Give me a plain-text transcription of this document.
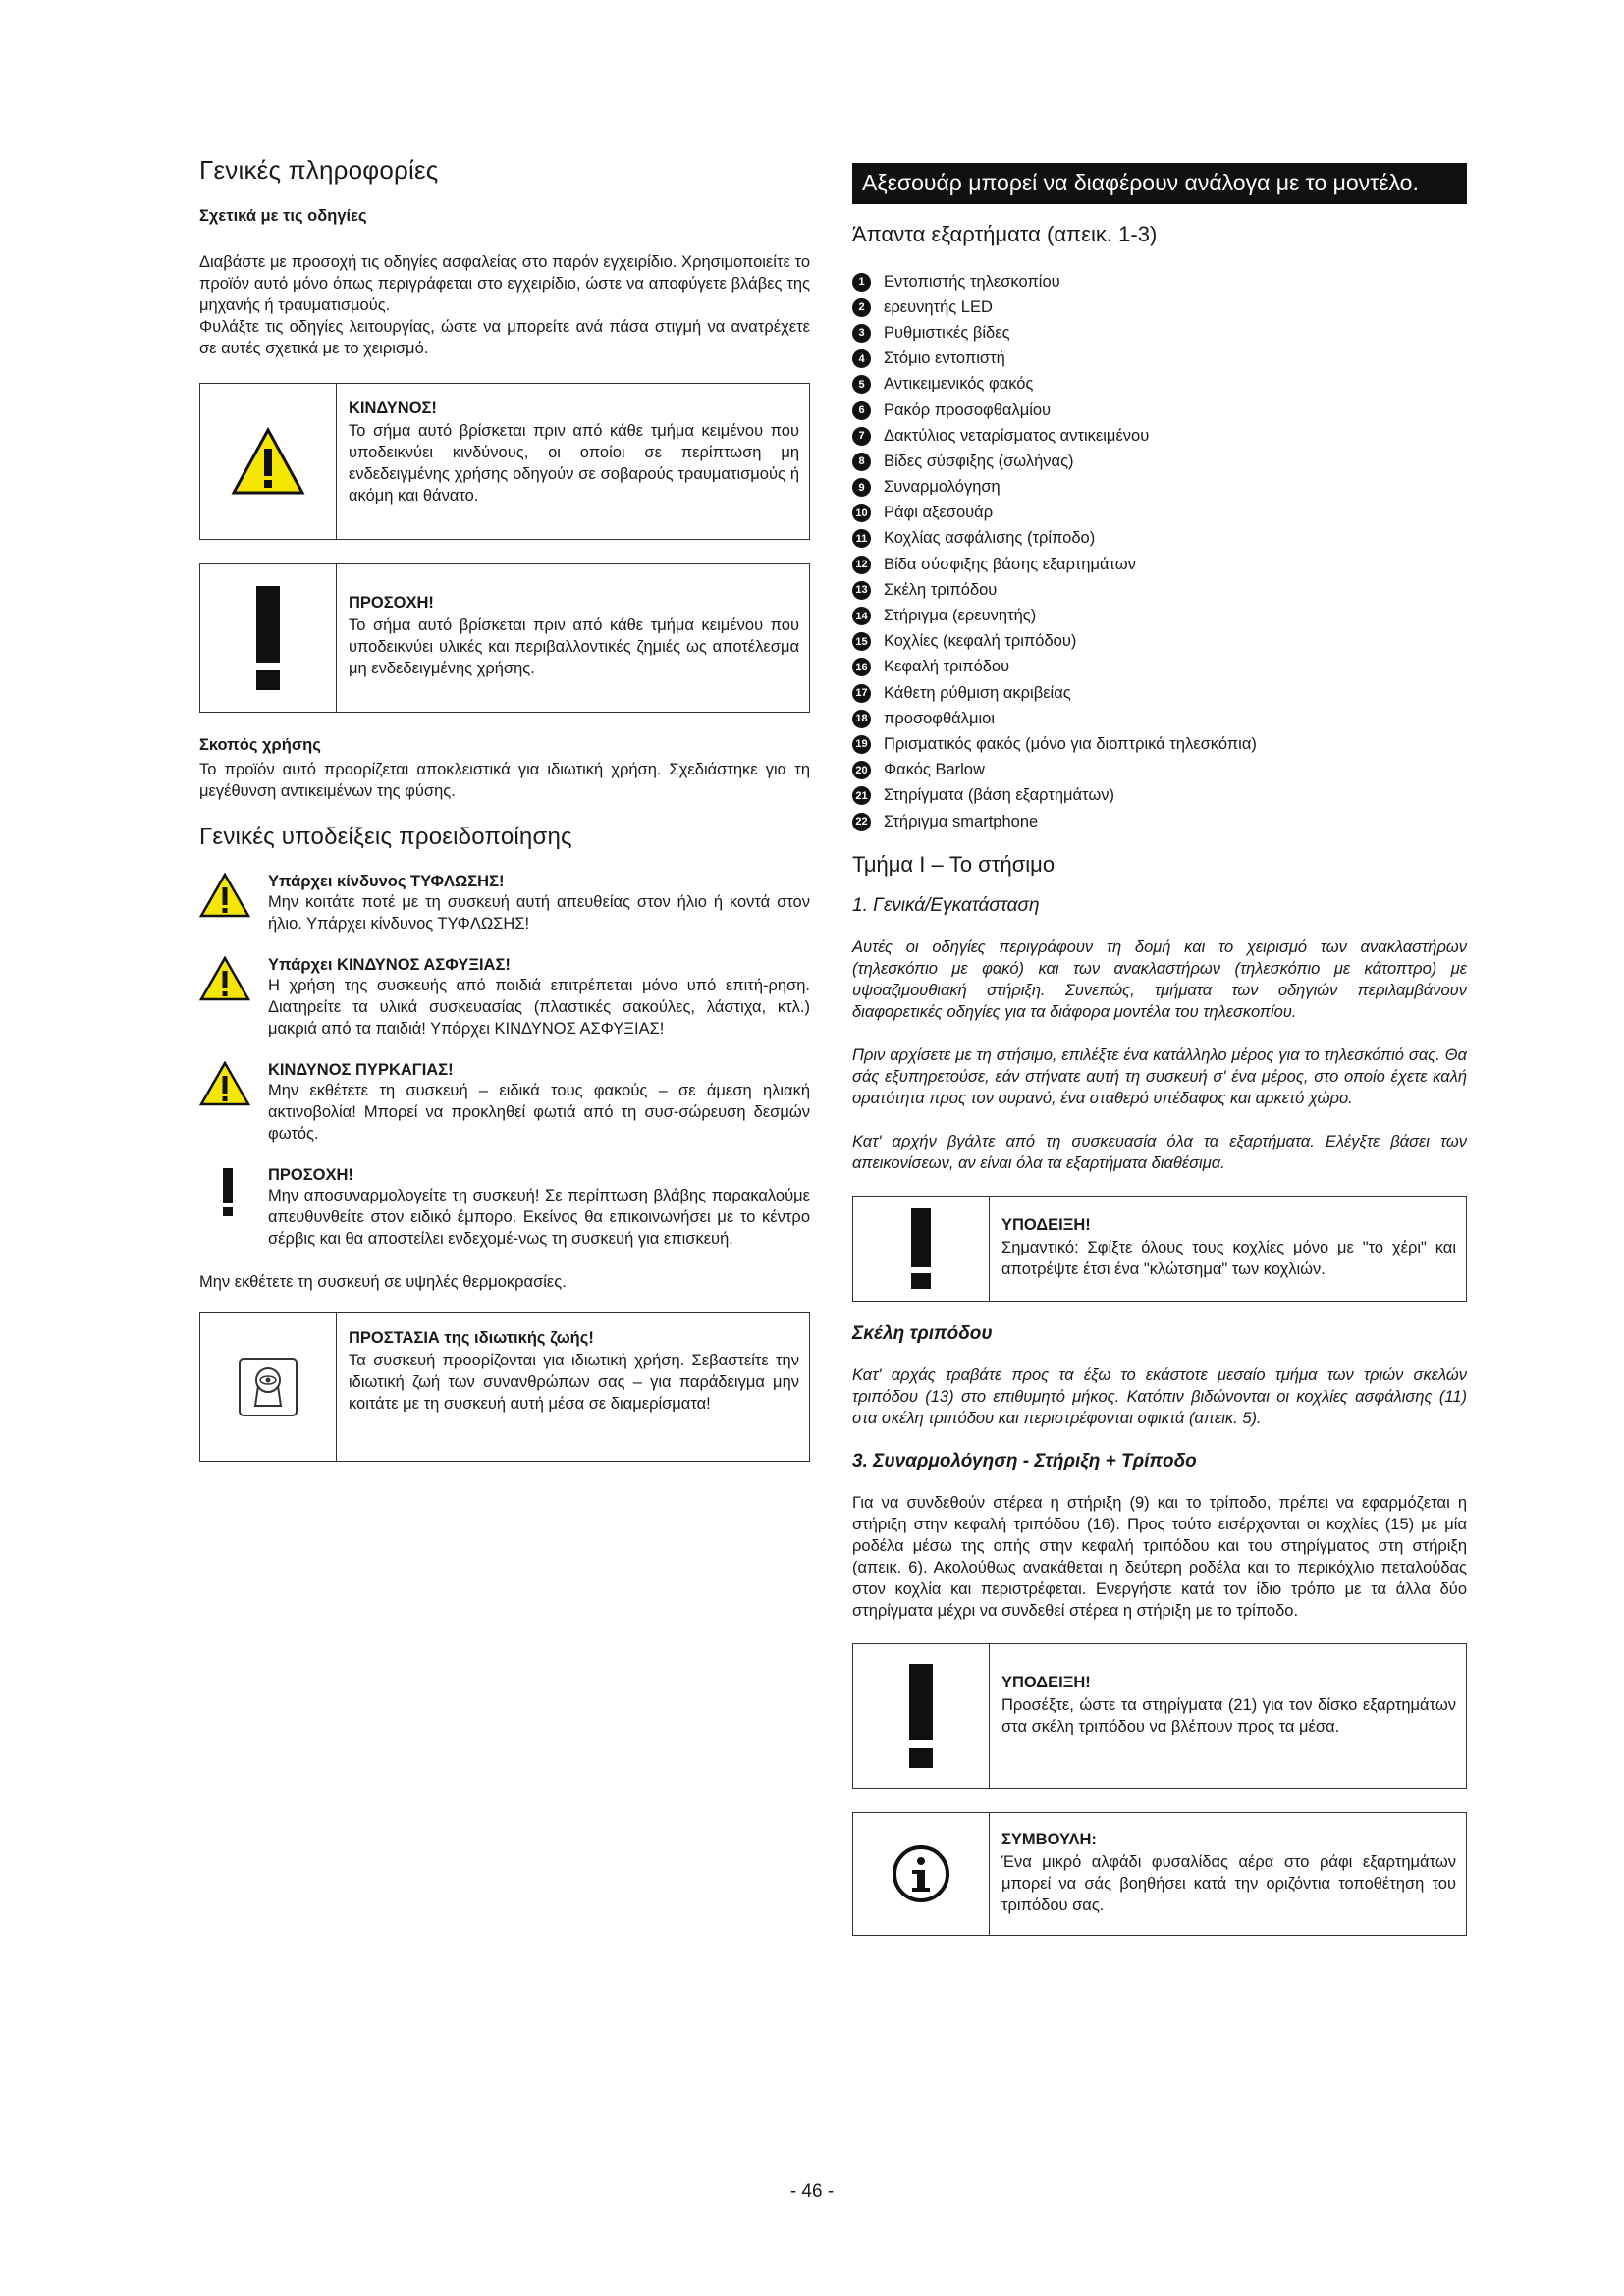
Γενικές πληροφορίες
Σχετικά με τις οδηγίες

Διαβάστε με προσοχή τις οδηγίες ασφαλείας στο παρόν εγχειρίδιο. Χρησιμοποιείτε το προϊόν αυτό μόνο όπως περιγράφεται στο εγχειρίδιο, ώστε να αποφύγετε βλάβες της μηχανής ή τραυματισμούς.

Φυλάξτε τις οδηγίες λειτουργίας, ώστε να μπορείτε ανά πάσα στιγμή να ανατρέχετε σε αυτές σχετικά με το χειρισμό.

ΚΙΝΔΥΝΟΣ!
Το σήμα αυτό βρίσκεται πριν από κάθε τμήμα κειμένου που υποδεικνύει κινδύνους, οι οποίοι σε περίπτωση μη ενδεδειγμένης χρήσης οδηγούν σε σοβαρούς τραυματισμούς ή ακόμη και θάνατο.
ΠΡΟΣΟΧΗ!
Το σήμα αυτό βρίσκεται πριν από κάθε τμήμα κειμένου που υποδεικνύει υλικές και περιβαλλοντικές ζημιές ως αποτέλεσμα μη ενδεδειγμένης χρήσης.
Σκοπός χρήσης

Το προϊόν αυτό προορίζεται αποκλειστικά για ιδιωτική χρήση. Σχεδιάστηκε για τη μεγέθυνση αντικειμένων της φύσης.

Γενικές υποδείξεις προειδοποίησης
Υπάρχει κίνδυνος ΤΥΦΛΩΣΗΣ!
Μην κοιτάτε ποτέ με τη συσκευή αυτή απευθείας στον ήλιο ή κοντά στον ήλιο. Υπάρχει κίνδυνος ΤΥΦΛΩΣΗΣ!
Υπάρχει ΚΙΝΔΥΝΟΣ ΑΣΦΥΞΙΑΣ!
Η χρήση της συσκευής από παιδιά επιτρέπεται μόνο υπό επιτή-ρηση. Διατηρείτε τα υλικά συσκευασίας (πλαστικές σακούλες, λάστιχα, κτλ.) μακριά από τα παιδιά! Υπάρχει ΚΙΝΔΥΝΟΣ ΑΣΦΥΞΙΑΣ!
ΚΙΝΔΥΝΟΣ ΠΥΡΚΑΓΙΑΣ!
Μην εκθέτετε τη συσκευή – ειδικά τους φακούς – σε άμεση ηλιακή ακτινοβολία! Μπορεί να προκληθεί φωτιά από τη συσ-σώρευση δεσμών φωτός.
ΠΡΟΣΟΧΗ!
Μην αποσυναρμολογείτε τη συσκευή! Σε περίπτωση βλάβης παρακαλούμε απευθυνθείτε στον ειδικό έμπορο. Εκείνος θα επικοινωνήσει με το κέντρο σέρβις και θα αποστείλει ενδεχομέ-νως τη συσκευή για επισκευή.

Μην εκθέτετε τη συσκευή σε υψηλές θερμοκρασίες.

ΠΡΟΣΤΑΣΙΑ της ιδιωτικής ζωής!
Τα συσκευή προορίζονται για ιδιωτική χρήση. Σεβαστείτε την ιδιωτική ζωή των συνανθρώπων σας – για παράδειγμα μην κοιτάτε με τη συσκευή αυτή μέσα σε διαμερίσματα!
Αξεσουάρ μπορεί να διαφέρουν ανάλογα με το μοντέλο.
Άπαντα εξαρτήματα (απεικ. 1-3)
1	Εντοπιστής τηλεσκοπίου
2	ερευνητής LED
3	Ρυθμιστικές βίδες
4	Στόμιο εντοπιστή
5	Αντικειμενικός φακός
6	Ρακόρ προσοφθαλμίου
7	Δακτύλιος νεταρίσματος αντικειμένου
8	Βίδες σύσφιξης (σωλήνας)
9	Συναρμολόγηση
10 Ράφι αξεσουάρ
11 Κοχλίας ασφάλισης (τρίποδο)
12 Βίδα σύσφιξης βάσης εξαρτημάτων
13 Σκέλη τριπόδου
14 Στήριγμα (ερευνητής)
15 Κοχλίες (κεφαλή τριπόδου)
16 Κεφαλή τριπόδου
17 Κάθετη ρύθμιση ακριβείας
18 προσοφθάλμιοι
19 Πρισματικός φακός (μόνο για διοπτρικά τηλεσκόπια)
20 Φακός Barlow
21 Στηρίγματα (βάση εξαρτημάτων)
22 Στήριγμα smartphone
Τμήμα I – Το στήσιμο
1. Γενικά/Εγκατάσταση

Αυτές οι οδηγίες περιγράφουν τη δομή και το χειρισμό των ανακλαστήρων (τηλεσκόπιο με φακό) και των ανακλαστήρων (τηλεσκόπιο με κάτοπτρο) με υψοαζιμουθιακή στήριξη. Συνεπώς, τμήματα των οδηγιών περιλαμβάνουν διαφορετικές οδηγίες για τα διάφορα μοντέλα του τηλεσκοπίου.

Πριν αρχίσετε με τη στήσιμο, επιλέξτε ένα κατάλληλο μέρος για το τηλεσκόπιό σας. Θα σάς εξυπηρετούσε, εάν στήνατε αυτή τη συσκευή σ' ένα μέρος, στο οποίο έχετε καλή ορατότητα προς τον ουρανό, ένα σταθερό υπέδαφος και αρκετό χώρο.

Κατ' αρχήν βγάλτε από τη συσκευασία όλα τα εξαρτήματα. Ελέγξτε βάσει των απεικονίσεων, αν είναι όλα τα εξαρτήματα διαθέσιμα.

ΥΠΟΔΕΙΞΗ!
Σημαντικό: Σφίξτε όλους τους κοχλίες μόνο με "το χέρι" και αποτρέψτε έτσι ένα "κλώτσημα" των κοχλιών.
Σκέλη τριπόδου

Κατ' αρχάς τραβάτε προς τα έξω το εκάστοτε μεσαίο τμήμα των τριών σκελών τριπόδου (13) στο επιθυμητό μήκος. Κατόπιν βιδώνονται οι κοχλίες ασφάλισης (11) στα σκέλη τριπόδου και περιστρέφονται σφικτά (απεικ. 5).

3. Συναρμολόγηση - Στήριξη + Τρίποδο

Για να συνδεθούν στέρεα η στήριξη (9) και το τρίποδο, πρέπει να εφαρμόζεται η στήριξη στην κεφαλή τριπόδου (16). Προς τούτο εισέρχονται οι κοχλίες (15) με μία ροδέλα μέσω της οπής στην κεφαλή τριπόδου και του στηρίγματος στη στήριξη (απεικ. 6). Ακολούθως ανακάθεται η δεύτερη ροδέλα και το περικόχλιο πεταλούδας στον κοχλία και περιστρέφεται. Ενεργήστε κατά τον ίδιο τρόπο με τα άλλα δύο στηρίγματα μέχρι να συνδεθεί στέρεα η στήριξη με το τρίποδο.

ΥΠΟΔΕΙΞΗ!
Προσέξτε, ώστε τα στηρίγματα (21) για τον δίσκο εξαρτημάτων στα σκέλη τριπόδου να βλέπουν προς τα μέσα.
ΣΥΜΒΟΥΛΗ:
Ένα μικρό αλφάδι φυσαλίδας αέρα στο ράφι εξαρτημάτων μπορεί να σάς βοηθήσει κατά την οριζόντια τοποθέτηση του τριπόδου σας.
- 46 -
